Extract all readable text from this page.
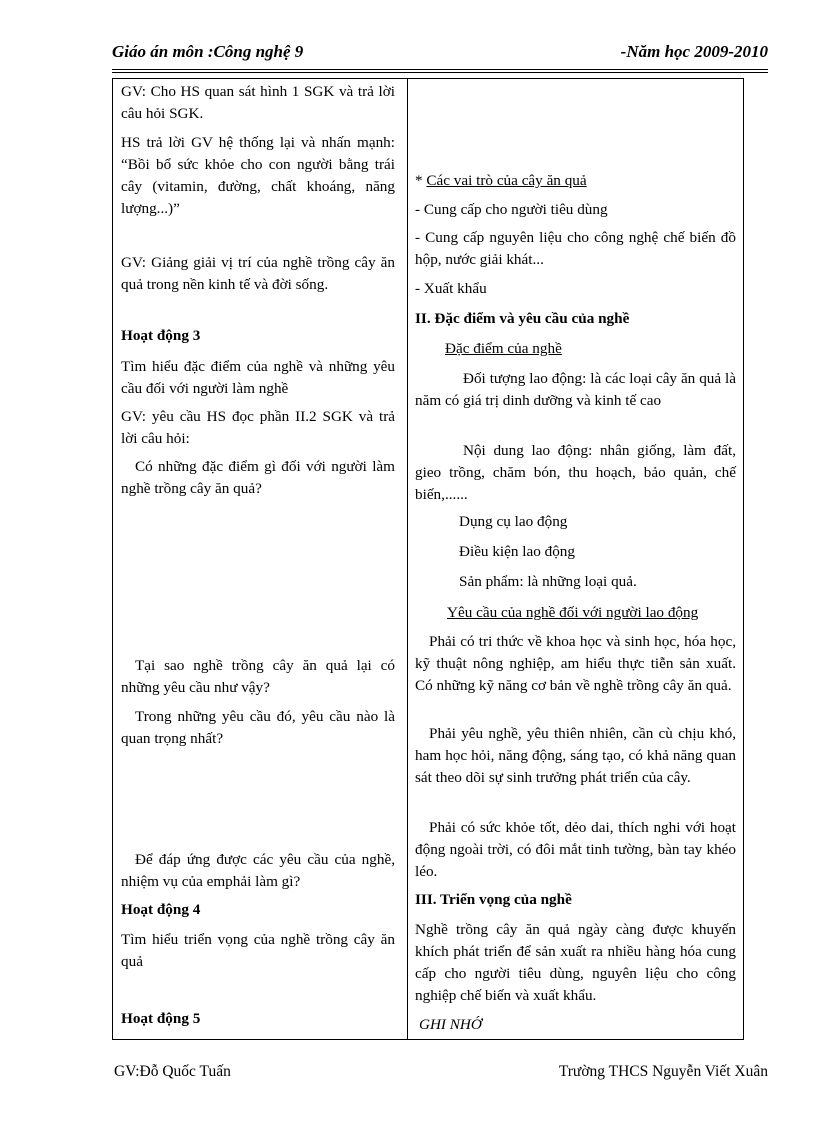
Giáo án môn :Công nghệ 9	-Năm học 2009-2010
GV: Cho HS quan sát hình 1 SGK và trả lời câu hỏi SGK.
HS trả lời GV hệ thống lại và nhấn mạnh: “Bồi bổ sức khỏe cho con người bằng trái cây (vitamin, đường, chất khoáng, năng lượng...)”
GV: Giảng giải vị trí của nghề trồng cây ăn quả trong nền kinh tế và đời sống.
Hoạt động 3
Tìm hiểu đặc điểm của nghề và những yêu cầu đối với người làm nghề
GV: yêu cầu HS đọc phần II.2 SGK và trả lời câu hỏi:
Có những đặc điểm gì đối với người làm nghề trồng cây ăn quả?
Tại sao nghề trồng cây ăn quả lại có những yêu cầu như vậy?
Trong những yêu cầu đó, yêu cầu nào là quan trọng nhất?
Để đáp ứng được các yêu cầu của nghề, nhiệm vụ của emphải làm gì?
Hoạt động 4
Tìm hiểu triển vọng của nghề trồng cây ăn quả
Hoạt động 5
* Các vai trò của cây ăn quả
- Cung cấp cho người tiêu dùng
- Cung cấp nguyên liệu cho công nghệ chế biến đồ hộp, nước giải khát...
- Xuất khẩu
II. Đặc điểm và yêu cầu của nghề
Đặc điểm của nghề
Đối tượng lao động: là các loại cây ăn quả là năm có giá trị dinh dưỡng và kinh tế cao
Nội dung lao động: nhân giống, làm đất, gieo trồng, chăm bón, thu hoạch, bảo quản, chế biến,......
Dụng cụ lao động
Điều kiện lao động
Sản phẩm: là những loại quả.
Yêu cầu của nghề đối với người lao động
Phải có tri thức về khoa học và sinh học, hóa học, kỹ thuật nông nghiệp, am hiểu thực tiễn sản xuất. Có những kỹ năng cơ bản về nghề trồng cây ăn quả.
Phải yêu nghề, yêu thiên nhiên, cần cù chịu khó, ham học hỏi, năng động, sáng tạo, có khả năng quan sát theo dõi sự sinh trưởng phát triển của cây.
Phải có sức khỏe tốt, dẻo dai, thích nghi với hoạt động ngoài trời, có đôi mắt tinh tường, bàn tay khéo léo.
III. Triển vọng của nghề
Nghề trồng cây ăn quả ngày càng được khuyến khích phát triển để sản xuất ra nhiều hàng hóa cung cấp cho người tiêu dùng, nguyên liệu cho công nghiệp chế biến và xuất khẩu.
GHI NHỚ
GV:Đỗ Quốc Tuấn	Trường THCS Nguyễn Viết Xuân
